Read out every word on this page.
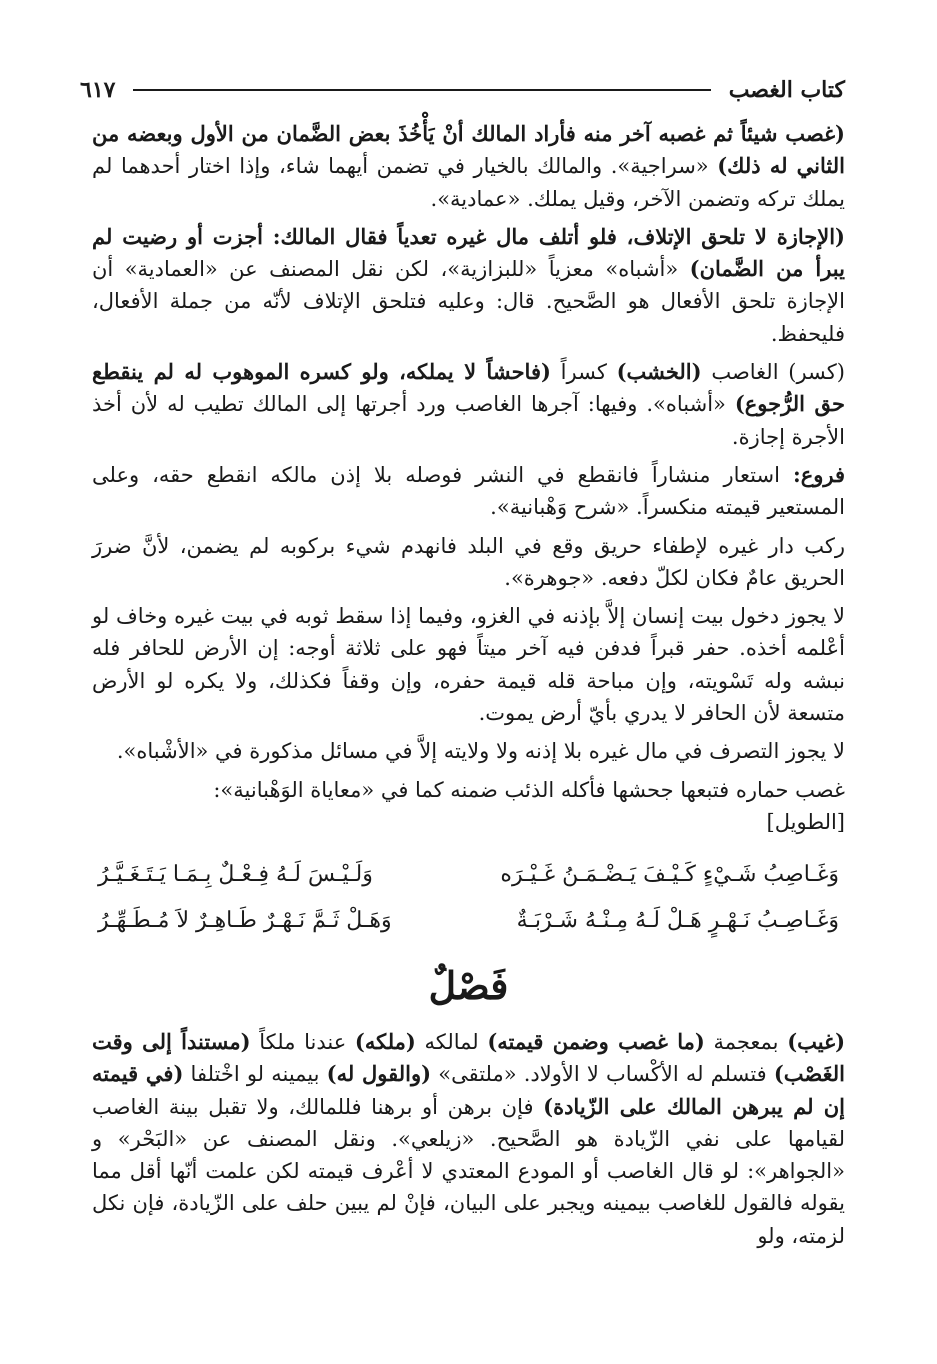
كتاب الغصب
٦١٧

(غصب شيئاً ثم غصبه آخر منه فأراد المالك أنْ يَأْخُذَ بعض الضَّمان من الأول وبعضه من الثاني له ذلك) «سراجية». والمالك بالخيار في تضمن أيهما شاء، وإذا اختار أحدهما لم يملك تركه وتضمن الآخر، وقيل يملك. «عمادية».

(الإجازة لا تلحق الإتلاف، فلو أتلف مال غيره تعدياً فقال المالك: أجزت أو رضيت لم يبرأ من الضَّمان) «أشباه» معزياً «للبزازية»، لكن نقل المصنف عن «العمادية» أن الإجازة تلحق الأفعال هو الصَّحيح. قال: وعليه فتلحق الإتلاف لأنّه من جملة الأفعال، فليحفظ.

(كسر) الغاصب (الخشب) كسراً (فاحشاً لا يملكه، ولو كسره الموهوب له لم ينقطع حق الرُّجوع) «أشباه». وفيها: آجرها الغاصب ورد أجرتها إلى المالك تطيب له لأن أخذ الأجرة إجازة.

فروع: استعار منشاراً فانقطع في النشر فوصله بلا إذن مالكه انقطع حقه، وعلى المستعير قيمته منكسراً. «شرح وَهْبانية».

ركب دار غيره لإطفاء حريق وقع في البلد فانهدم شيء بركوبه لم يضمن، لأنَّ ضررَ الحريق عامٌ فكان لكلّ دفعه. «جوهرة».

لا يجوز دخول بيت إنسان إلاَّ بإذنه في الغزو، وفيما إذا سقط ثوبه في بيت غيره وخاف لو أعْلمه أخذه. حفر قبراً فدفن فيه آخر ميتاً فهو على ثلاثة أوجه: إن الأرض للحافر فله نبشه وله تَسْويته، وإن مباحة قله قيمة حفره، وإن وقفاً فكذلك، ولا يكره لو الأرض متسعة لأن الحافر لا يدري بأيّ أرض يموت.

لا يجوز التصرف في مال غيره بلا إذنه ولا ولايته إلاَّ في مسائل مذكورة في «الأشْباه».

غصب حماره فتبعها جحشها فأكله الذئب ضمنه كما في «معاياة الوَهْبانية»:

[الطويل]
وَغَـاصِبُ شَـيْءٍ كَـيْـفَ يَـضْـمَـنُ غَـيْـرَه
وَلَـيْـسَ لَـهُ فِـعْـلٌ بِـمَـا يَـتَـغَـيَّـرُ
وَغَـاصِـبُ نَـهْـرٍ هَـلْ لَـهُ مِـنْـهُ شَـرْبَـةٌ
وَهَـلْ ثَـمَّ نَـهْـرٌ طَـاهِـرٌ لاَ مُـطَـهِّـرُ
فَصْلٌ

(غيب) بمعجمة (ما غصب وضمن قيمته) لمالكه (ملكه) عندنا ملكاً (مستنداً إلى وقت الغَصْب) فتسلم له الأكْساب لا الأولاد. «ملتقى» (والقول له) بيمينه لو اخْتلفا (في قيمته إن لم يبرهن المالك على الزّيادة) فإن برهن أو برهنا فللمالك، ولا تقبل بينة الغاصب لقيامها على نفي الزّيادة هو الصَّحيح. «زيلعي». ونقل المصنف عن «البَحْر» و «الجواهر»: لو قال الغاصب أو المودع المعتدي لا أعْرف قيمته لكن علمت أنّها أقل مما يقوله فالقول للغاصب بيمينه ويجبر على البيان، فإنْ لم يبين حلف على الزّيادة، فإن نكل لزمته، ولو
